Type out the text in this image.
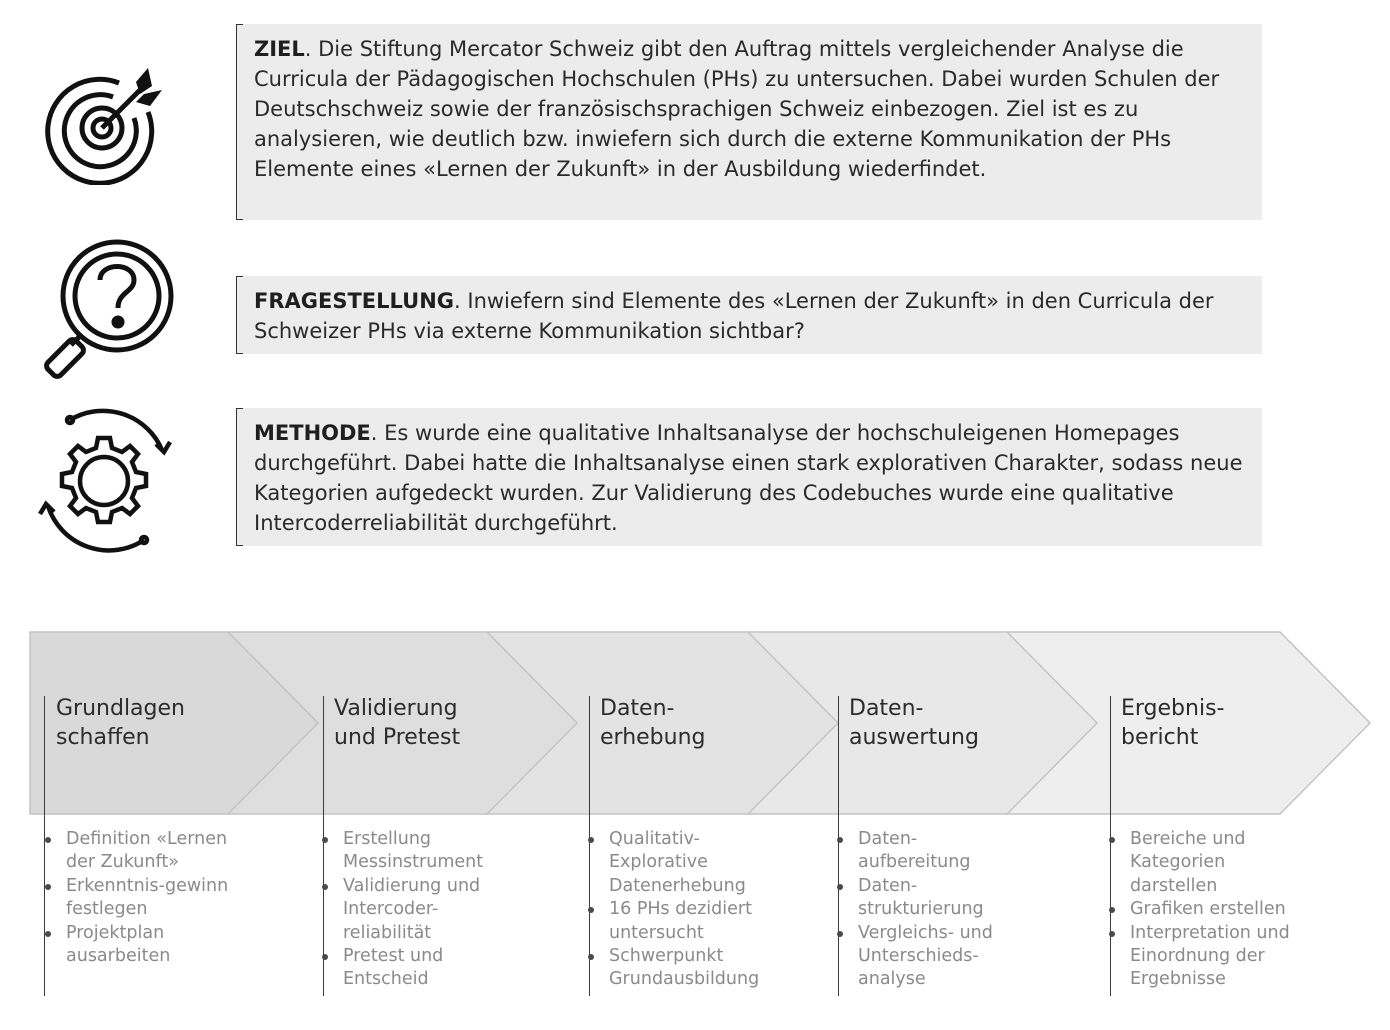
ZIEL. Die Stiftung Mercator Schweiz gibt den Auftrag mittels vergleichender Analyse die Curricula der Pädagogischen Hochschulen (PHs) zu untersuchen. Dabei wurden Schulen der Deutschschweiz sowie der französischsprachigen Schweiz einbezogen. Ziel ist es zu analysieren, wie deutlich bzw. inwiefern sich durch die externe Kommunikation der PHs Elemente eines «Lernen der Zukunft» in der Ausbildung wiederfindet.
FRAGESTELLUNG. Inwiefern sind Elemente des «Lernen der Zukunft» in den Curricula der Schweizer PHs via externe Kommunikation sichtbar?
METHODE. Es wurde eine qualitative Inhaltsanalyse der hochschuleigenen Homepages durchgeführt. Dabei hatte die Inhaltsanalyse einen stark explorativen Charakter, sodass neue Kategorien aufgedeckt wurden. Zur Validierung des Codebuches wurde eine qualitative Intercoderreliabilität durchgeführt.
Grundlagen
schaffen
Definition «Lernen der Zukunft»
Erkenntnis-gewinn festlegen
Projektplan ausarbeiten
Validierung
und Pretest
Erstellung Messinstrument
Validierung und Intercoder-reliabilität
Pretest und Entscheid
Daten-
erhebung
Qualitativ-Explorative Datenerhebung
16 PHs dezidiert untersucht
Schwerpunkt Grundausbildung
Daten-
auswertung
Daten-aufbereitung
Daten-strukturierung
Vergleichs- und Unterschieds-analyse
Ergebnis-
bericht
Bereiche und Kategorien darstellen
Grafiken erstellen
Interpretation und Einordnung der Ergebnisse
